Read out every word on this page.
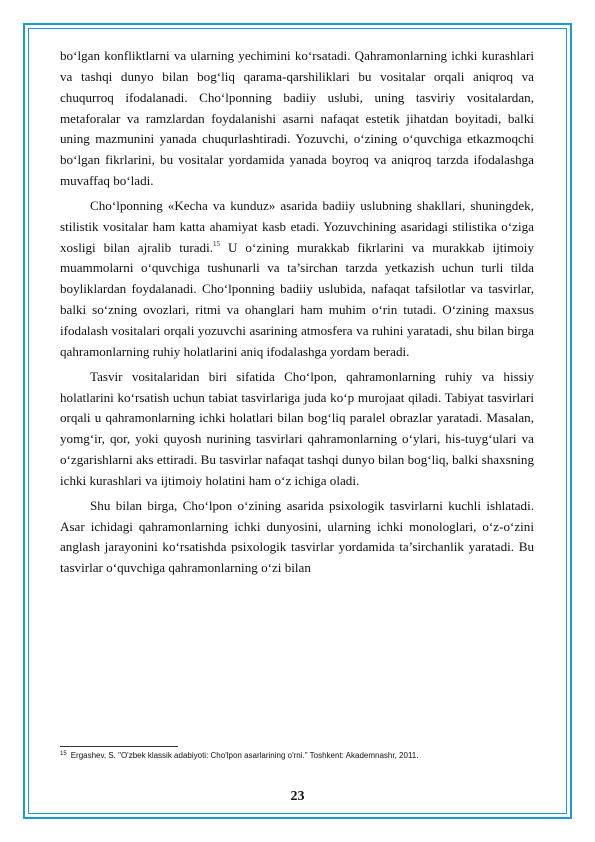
bo‘lgan konfliktlarni va ularning yechimini ko‘rsatadi. Qahramonlarning ichki kurashlari va tashqi dunyo bilan bog‘liq qarama-qarshiliklari bu vositalar orqali aniqroq va chuqurroq ifodalanadi. Cho‘lponning badiiy uslubi, uning tasviriy vositalardan, metaforalar va ramzlardan foydalanishi asarni nafaqat estetik jihatdan boyitadi, balki uning mazmunini yanada chuqurlashtiradi. Yozuvchi, o‘zining o‘quvchiga etkazmoqchi bo‘lgan fikrlarini, bu vositalar yordamida yanada boyroq va aniqroq tarzda ifodalashga muvaffaq bo‘ladi.

Cho‘lponning «Kecha va kunduz» asarida badiiy uslubning shakllari, shuningdek, stilistik vositalar ham katta ahamiyat kasb etadi. Yozuvchining asaridagi stilistika o‘ziga xosligi bilan ajralib turadi.$^{15}$ U o‘zining murakkab fikrlarini va murakkab ijtimoiy muammolarni o‘quvchiga tushunarli va ta’sirchan tarzda yetkazish uchun turli tilda boyliklardan foydalanadi. Cho‘lponning badiiy uslubida, nafaqat tafsilotlar va tasvirlar, balki so‘zning ovozlari, ritmi va ohanglari ham muhim o‘rin tutadi. O‘zining maxsus ifodalash vositalari orqali yozuvchi asarining atmosfera va ruhini yaratadi, shu bilan birga qahramonlarning ruhiy holatlarini aniq ifodalashga yordam beradi.

Tasvir vositalaridan biri sifatida Cho‘lpon, qahramonlarning ruhiy va hissiy holatlarini ko‘rsatish uchun tabiat tasvirlariga juda ko‘p murojaat qiladi. Tabiyat tasvirlari orqali u qahramonlarning ichki holatlari bilan bog‘liq paralel obrazlar yaratadi. Masalan, yomg‘ir, qor, yoki quyosh nurining tasvirlari qahramonlarning o‘ylari, his-tuyg‘ulari va o‘zgarishlarni aks ettiradi. Bu tasvirlar nafaqat tashqi dunyo bilan bog‘liq, balki shaxsning ichki kurashlari va ijtimoiy holatini ham o‘z ichiga oladi.

Shu bilan birga, Cho‘lpon o‘zining asarida psixologik tasvirlarni kuchli ishlatadi. Asar ichidagi qahramonlarning ichki dunyosini, ularning ichki monologlari, o‘z-o‘zini anglash jarayonini ko‘rsatishda psixologik tasvirlar yordamida ta’sirchanlik yaratadi. Bu tasvirlar o‘quvchiga qahramonlarning o‘zi bilan

$^{15}$ Ergashev, S. "O'zbek klassik adabiyoti: Cho'lpon asarlarining o'rni." Toshkent: Akademnashr, 2011.
23
